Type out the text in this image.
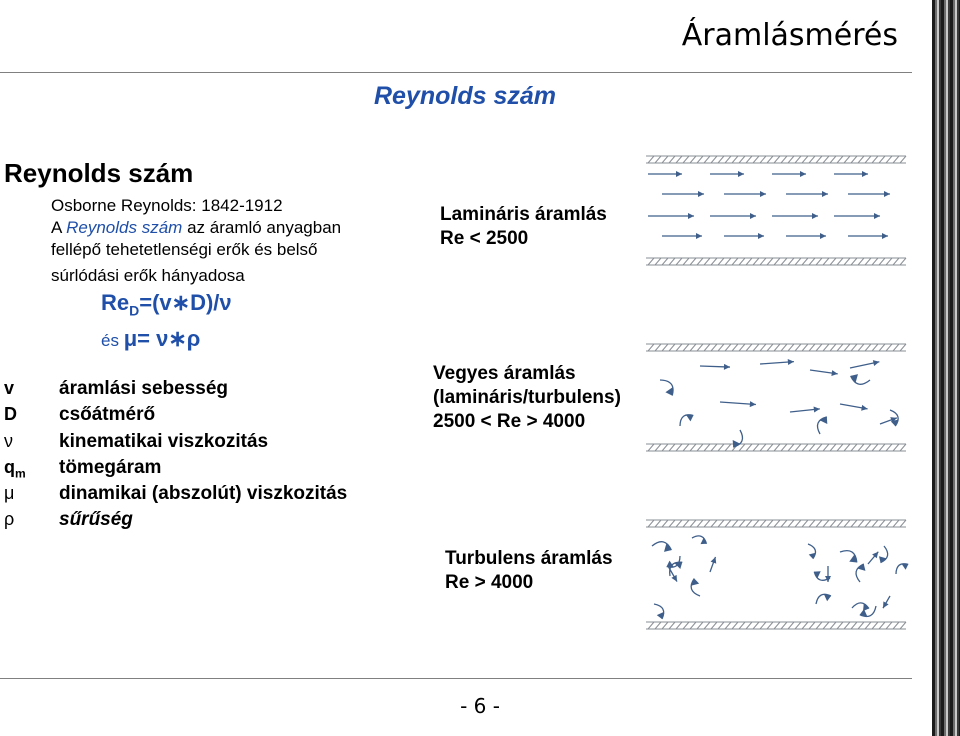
Áramlásmérés
Reynolds szám
Reynolds szám
Osborne Reynolds: 1842-1912
A Reynolds szám az áramló anyagban
fellépő tehetetlenségi erők és belső
súrlódási erők hányadosa
$Re_D=(v∗D)/\nu$
és μ= ν∗ρ
v áramlási sebesség
D csőátmérő
ν kinematikai viszkozitás
$q_m$ tömegáram
μ dinamikai (abszolút) viszkozitás
ρ sűrűség
Lamináris áramlás
Re < 2500
Vegyes áramlás
(lamináris/turbulens)
2500 < Re > 4000
Turbulens áramlás
Re > 4000
- 6 -
